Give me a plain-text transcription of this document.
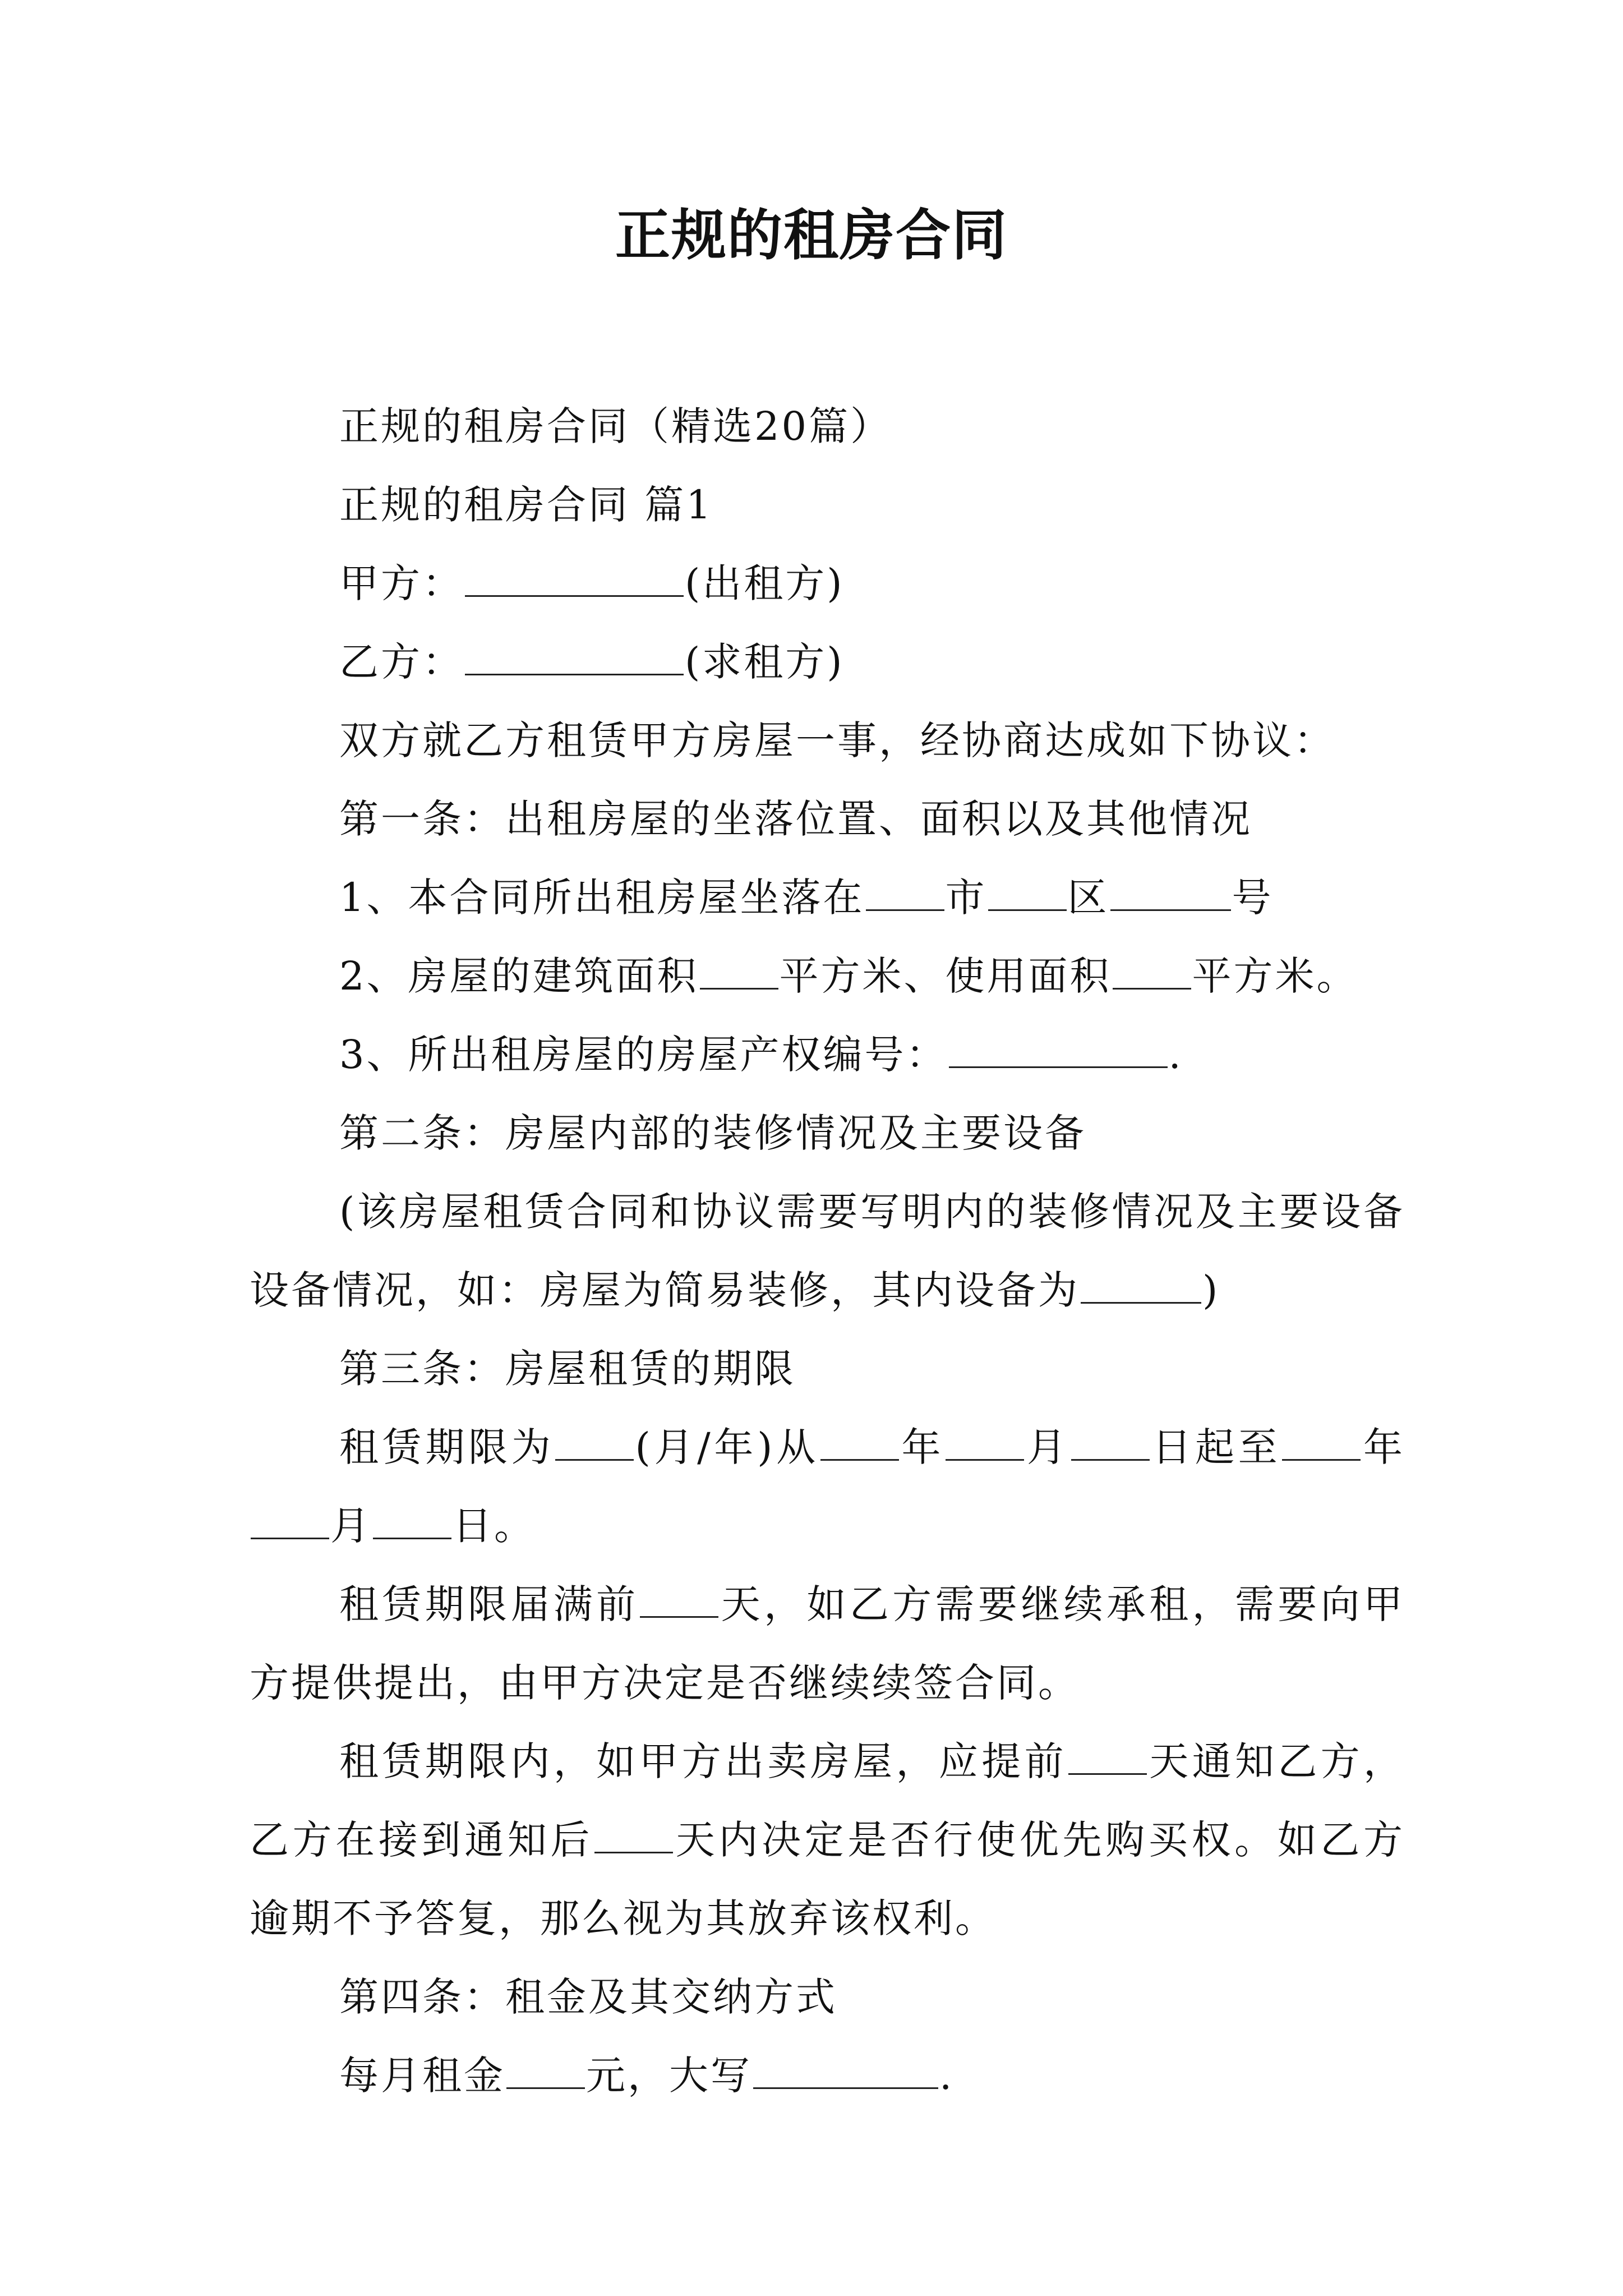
正规的租房合同

正规的租房合同（精选20篇）

正规的租房合同 篇1

甲方：	(出租方)

乙方：	(求租方)

双方就乙方租赁甲方房屋一事，经协商达成如下协议：

第一条：出租房屋的坐落位置、面积以及其他情况

1、本合同所出租房屋坐落在 市 区	号

2、房屋的建筑面积 平方米、使用面积 平方米。

3、所出租房屋的房屋产权编号：	.

第二条：房屋内部的装修情况及主要设备

(该房屋租赁合同和协议需要写明内的装修情况及主要设备设备情况，如：房屋为简易装修，其内设备为	)

第三条：房屋租赁的期限

租赁期限为 (月/年)从 年 月 日起至 年月 日。

租赁期限届满前 天，如乙方需要继续承租，需要向甲方提供提出，由甲方决定是否继续续签合同。

租赁期限内，如甲方出卖房屋，应提前 天通知乙方，乙方在接到通知后 天内决定是否行使优先购买权。如乙方逾期不予答复，那么视为其放弃该权利。

第四条：租金及其交纳方式

每月租金 元，大写	.
